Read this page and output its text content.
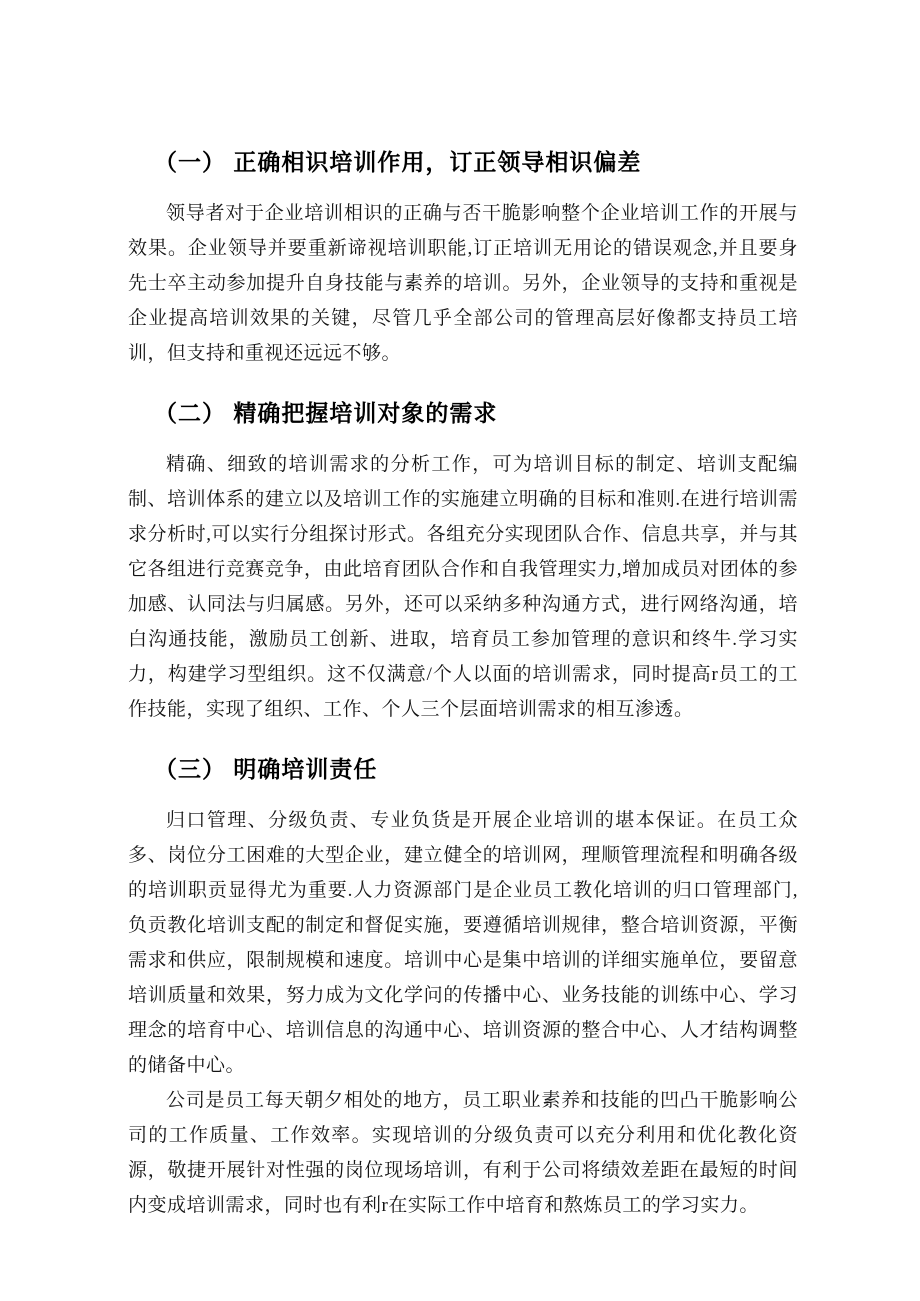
（一） 正确相识培训作用，订正领导相识偏差

领导者对于企业培训相识的正确与否干脆影响整个企业培训工作的开展与效果。企业领导并要重新谛视培训职能,订正培训无用论的错误观念,并且要身先士卒主动参加提升自身技能与素养的培训。另外，企业领导的支持和重视是企业提高培训效果的关键，尽管几乎全部公司的管理高层好像都支持员工培训，但支持和重视还远远不够。

（二） 精确把握培训对象的需求

精确、细致的培训需求的分析工作，可为培训目标的制定、培训支配编制、培训体系的建立以及培训工作的实施建立明确的目标和准则.在进行培训需求分析时,可以实行分组探讨形式。各组充分实现团队合作、信息共享，并与其它各组进行竞赛竞争，由此培育团队合作和自我管理实力,增加成员对团体的参加感、认同法与归属感。另外，还可以采纳多种沟通方式，进行网络沟通，培白沟通技能，激励员工创新、进取，培育员工参加管理的意识和终牛.学习实力，构建学习型组织。这不仅满意/个人以面的培训需求，同时提高r员工的工作技能，实现了组织、工作、个人三个层面培训需求的相互渗透。

（三） 明确培训责任

归口管理、分级负责、专业负货是开展企业培训的堪本保证。在员工众多、岗位分工困难的大型企业，建立健全的培训网，理顺管理流程和明确各级的培训职贡显得尤为重要.人力资源部门是企业员工教化培训的归口管理部门,负贡教化培训支配的制定和督促实施，要遵循培训规律，整合培训资源，平衡需求和供应，限制规模和速度。培训中心是集中培训的详细实施单位，要留意培训质量和效果，努力成为文化学问的传播中心、业务技能的训练中心、学习理念的培育中心、培训信息的沟通中心、培训资源的整合中心、人才结构调整的储备中心。

公司是员工每天朝夕相处的地方，员工职业素养和技能的凹凸干脆影响公司的工作质量、工作效率。实现培训的分级负责可以充分利用和优化教化资源，敬捷开展针对性强的岗位现场培训，有利于公司将绩效差距在最短的时间内变成培训需求，同时也有利r在实际工作中培育和熬炼员工的学习实力。
